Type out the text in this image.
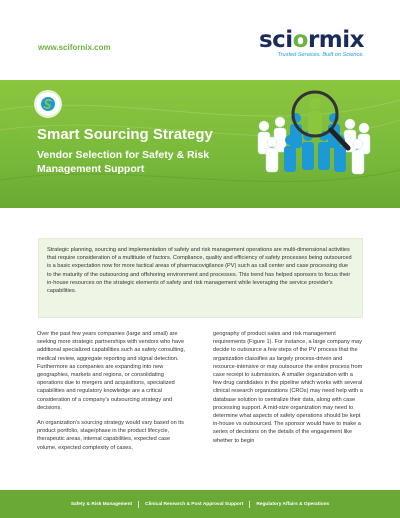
www.scifornix.com	sciormix
Trusted Services. Built on Science.
Smart Sourcing Strategy
Vendor Selection for Safety & Risk Management Support
Strategic planning, sourcing and implementation of safety and risk management operations are multi-dimensional activities that require consideration of a multitude of factors. Compliance, quality and efficiency of safety processes being outsourced is a basic expectation now for more tactical areas of pharmacovigilance (PV) such as call center and case processing due to the maturity of the outsourcing and offshoring environment and processes. This trend has helped sponsors to focus their in-house resources on the strategic elements of safety and risk management while leveraging the service provider's capabilities.

Over the past few years companies (large and small) are seeking more strategic partnerships with vendors who have additional specialized capabilities such as safety consulting, medical review, aggregate reporting and signal detection. Furthermore as companies are expanding into new geographies, markets and regions, or consolidating operations due to mergers and acquisitions, specialized capabilities and regulatory knowledge are a critical consideration of a company's outsourcing strategy and decisions.

An organization's sourcing strategy would vary based on its product portfolio, stage/phase in the product lifecycle, therapeutic areas, internal capabilities, expected case volume, expected complexity of cases,

geography of product sales and risk management requirements (Figure 1). For instance, a large company may decide to outsource a few steps of the PV process that the organization classifies as largely process-driven and resource-intensive or may outsource the entire process from case receipt to submission. A smaller organization with a few drug candidates in the pipeline which works with several clinical research organizations (CROs) may need help with a database solution to centralize their data, along with case processing support. A mid-size organization may need to determine what aspects of safety operations should be kept in-house vs outsourced. The sponsor would have to make a series of decisions on the details of the engagement like whether to begin

Safety & Risk Management	Clinical Research & Post Approval Support	Regulatory Affairs & Operations
